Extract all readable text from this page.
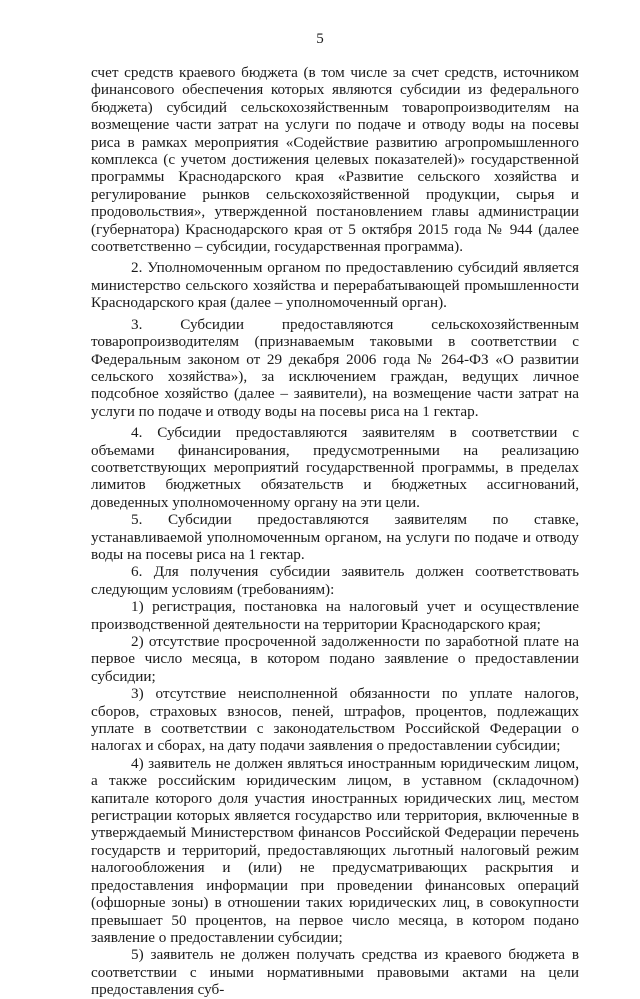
5

счет средств краевого бюджета (в том числе за счет средств, источником финансового обеспечения которых являются субсидии из федерального бюджета) субсидий сельскохозяйственным товаропроизводителям на возмещение части затрат на услуги по подаче и отводу воды на посевы риса в рамках мероприятия «Содействие развитию агропромышленного комплекса (с учетом достижения целевых показателей)» государственной программы Краснодарского края «Развитие сельского хозяйства и регулирование рынков сельскохозяйственной продукции, сырья и продовольствия», утвержденной постановлением главы администрации (губернатора) Краснодарского края от 5 октября 2015 года № 944 (далее соответственно – субсидии, государственная программа).

2. Уполномоченным органом по предоставлению субсидий является министерство сельского хозяйства и перерабатывающей промышленности Краснодарского края (далее – уполномоченный орган).

3. Субсидии предоставляются сельскохозяйственным товаропроизводителям (признаваемым таковыми в соответствии с Федеральным законом от 29 декабря 2006 года № 264-ФЗ «О развитии сельского хозяйства»), за исключением граждан, ведущих личное подсобное хозяйство (далее – заявители), на возмещение части затрат на услуги по подаче и отводу воды на посевы риса на 1 гектар.

4. Субсидии предоставляются заявителям в соответствии с объемами финансирования, предусмотренными на реализацию соответствующих мероприятий государственной программы, в пределах лимитов бюджетных обязательств и бюджетных ассигнований, доведенных уполномоченному органу на эти цели.

5. Субсидии предоставляются заявителям по ставке, устанавливаемой уполномоченным органом, на услуги по подаче и отводу воды на посевы риса на 1 гектар.

6. Для получения субсидии заявитель должен соответствовать следующим условиям (требованиям):

1) регистрация, постановка на налоговый учет и осуществление производственной деятельности на территории Краснодарского края;

2) отсутствие просроченной задолженности по заработной плате на первое число месяца, в котором подано заявление о предоставлении субсидии;

3) отсутствие неисполненной обязанности по уплате налогов, сборов, страховых взносов, пеней, штрафов, процентов, подлежащих уплате в соответствии с законодательством Российской Федерации о налогах и сборах, на дату подачи заявления о предоставлении субсидии;

4) заявитель не должен являться иностранным юридическим лицом, а также российским юридическим лицом, в уставном (складочном) капитале которого доля участия иностранных юридических лиц, местом регистрации которых является государство или территория, включенные в утверждаемый Министерством финансов Российской Федерации перечень государств и территорий, предоставляющих льготный налоговый режим налогообложения и (или) не предусматривающих раскрытия и предоставления информации при проведении финансовых операций (офшорные зоны) в отношении таких юридических лиц, в совокупности превышает 50 процентов, на первое число месяца, в котором подано заявление о предоставлении субсидии;

5) заявитель не должен получать средства из краевого бюджета в соответствии с иными нормативными правовыми актами на цели предоставления суб-
